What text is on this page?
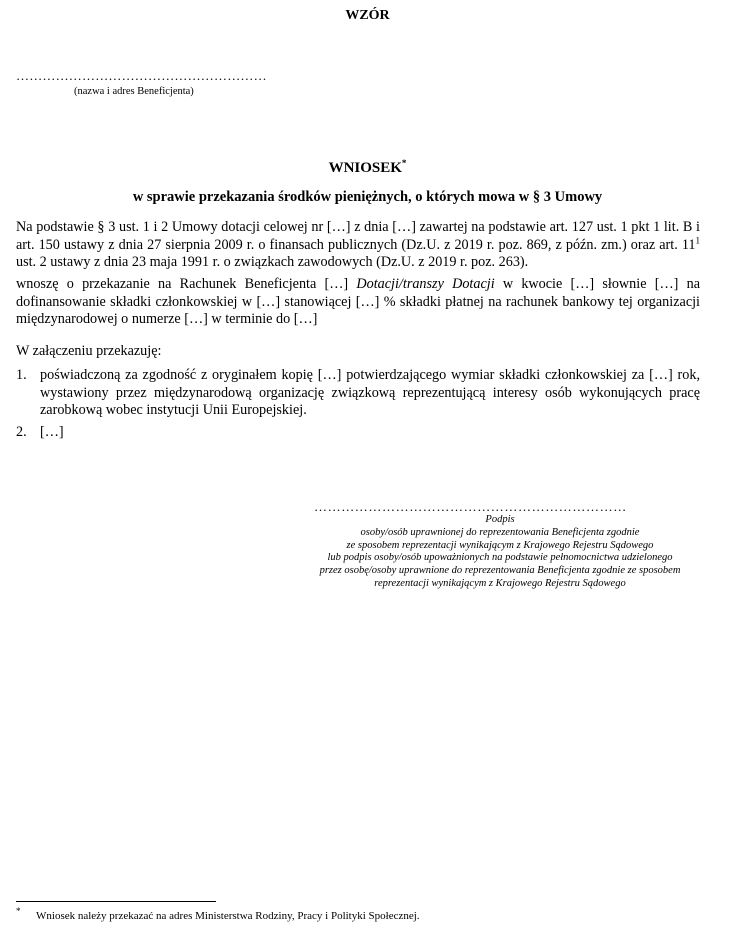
WZÓR
…………………………………………………
(nazwa i adres Beneficjenta)
WNIOSEK*
w sprawie przekazania środków pieniężnych, o których mowa w § 3 Umowy
Na podstawie § 3 ust. 1 i 2 Umowy dotacji celowej nr […] z dnia […] zawartej na podstawie art. 127 ust. 1 pkt 1 lit. B i art. 150 ustawy z dnia 27 sierpnia 2009 r. o finansach publicznych (Dz.U. z 2019 r. poz. 869, z późn. zm.) oraz art. $11^1$ ust. 2 ustawy z dnia 23 maja 1991 r. o związkach zawodowych (Dz.U. z 2019 r. poz. 263).
wnoszę o przekazanie na Rachunek Beneficjenta […] Dotacji/transzy Dotacji w kwocie […] słownie […] na dofinansowanie składki członkowskiej w […] stanowiącej […] % składki płatnej na rachunek bankowy tej organizacji międzynarodowej o numerze […] w terminie do […]
W załączeniu przekazuję:
1. poświadczoną za zgodność z oryginałem kopię […] potwierdzającego wymiar składki członkowskiej za […] rok, wystawiony przez międzynarodową organizację związkową reprezentującą interesy osób wykonujących pracę zarobkową wobec instytucji Unii Europejskiej.
2. […]
……………………………………………………………
Podpis
osoby/osób uprawnionej do reprezentowania Beneficjenta zgodnie
ze sposobem reprezentacji wynikającym z Krajowego Rejestru Sądowego
lub podpis osoby/osób upoważnionych na podstawie pełnomocnictwa udzielonego
przez osobę/osoby uprawnione do reprezentowania Beneficjenta zgodnie ze sposobem
reprezentacji wynikającym z Krajowego Rejestru Sądowego
* Wniosek należy przekazać na adres Ministerstwa Rodziny, Pracy i Polityki Społecznej.
